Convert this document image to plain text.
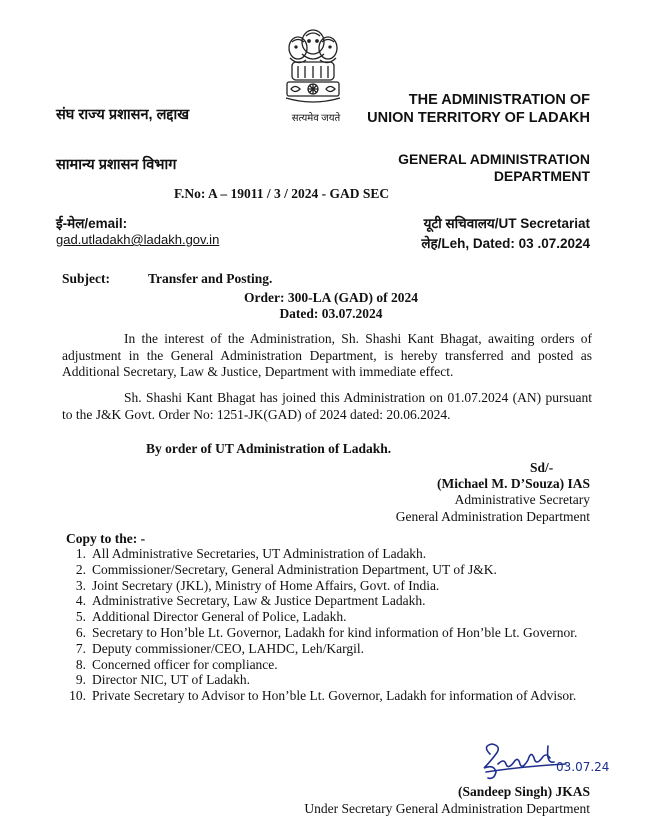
सत्यमेव जयते
संघ राज्य प्रशासन, लद्दाख
THE ADMINISTRATION OF
UNION TERRITORY OF LADAKH
सामान्य प्रशासन विभाग	GENERAL ADMINISTRATION
DEPARTMENT
F.No: A – 19011 / 3 / 2024 - GAD SEC
ई-मेल/email:
gad.utladakh@ladakh.gov.in
यूटी सचिवालय/UT Secretariat
लेह/Leh, Dated: 03 .07.2024
Subject:	Transfer and Posting.
Order: 300-LA (GAD) of 2024
Dated: 03.07.2024
In the interest of the Administration, Sh. Shashi Kant Bhagat, awaiting orders of adjustment in the General Administration Department, is hereby transferred and posted as Additional Secretary, Law & Justice, Department with immediate effect.
Sh. Shashi Kant Bhagat has joined this Administration on 01.07.2024 (AN) pursuant to the J&K Govt. Order No: 1251-JK(GAD) of 2024 dated: 20.06.2024.
By order of UT Administration of Ladakh.
Sd/-
(Michael M. D’Souza) IAS
Administrative Secretary
General Administration Department
Copy to the: -
1. All Administrative Secretaries, UT Administration of Ladakh.
2. Commissioner/Secretary, General Administration Department, UT of J&K.
3. Joint Secretary (JKL), Ministry of Home Affairs, Govt. of India.
4. Administrative Secretary, Law & Justice Department Ladakh.
5. Additional Director General of Police, Ladakh.
6. Secretary to Hon’ble Lt. Governor, Ladakh for kind information of Hon’ble Lt. Governor.
7. Deputy commissioner/CEO, LAHDC, Leh/Kargil.
8. Concerned officer for compliance.
9. Director NIC, UT of Ladakh.
10. Private Secretary to Advisor to Hon’ble Lt. Governor, Ladakh for information of Advisor.
03.07.24
(Sandeep Singh) JKAS
Under Secretary General Administration Department
